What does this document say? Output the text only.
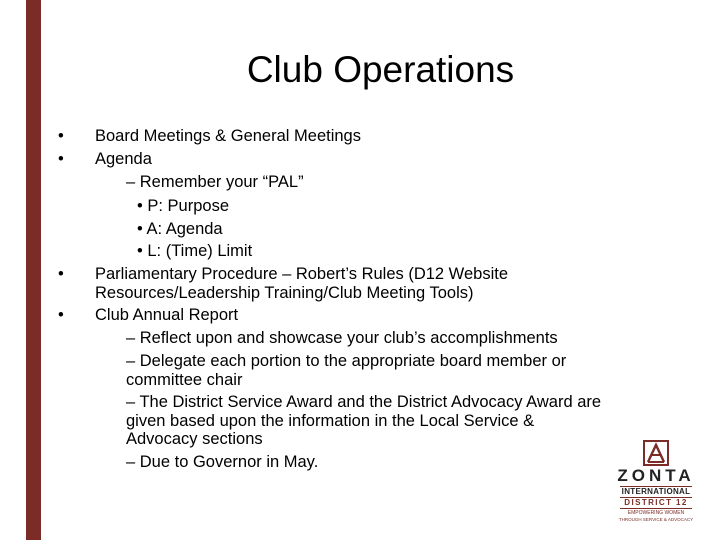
Club Operations
•
•
•
•
Board Meetings & General Meetings
Agenda
– Remember your “PAL”
• P: Purpose
• A: Agenda
• L: (Time) Limit
Parliamentary Procedure – Robert’s Rules (D12 Website
Resources/Leadership Training/Club Meeting Tools)
Club Annual Report
– Reflect upon and showcase your club’s accomplishments
– Delegate each portion to the appropriate board member or
committee chair
– The District Service Award and the District Advocacy Award are
given based upon the information in the Local Service &
Advocacy sections
– Due to Governor in May.
ZONTA
INTERNATIONAL
DISTRICT 12
EMPOWERING WOMEN
THROUGH SERVICE & ADVOCACY
